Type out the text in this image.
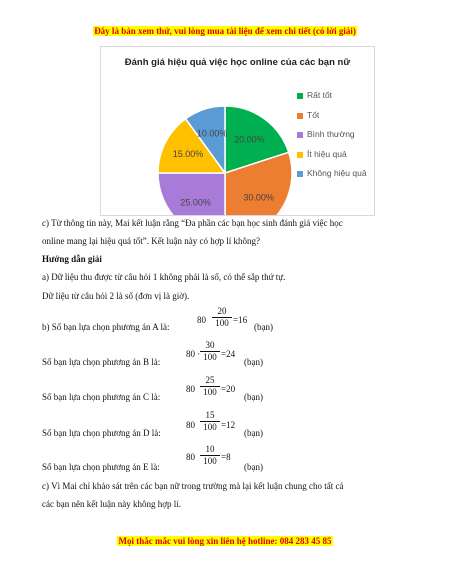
Đây là bản xem thử, vui lòng mua tài liệu để xem chi tiết (có lời giải)
Đánh giá hiệu quả việc học online của các bạn nữ
20.00%
30.00%
25.00%
15.00%
10.00%
Rất tốt
Tốt
Bình thường
Ít hiệu quả
Không hiệu quả
c) Từ thông tin này, Mai kết luận rằng “Đa phần các bạn học sinh đánh giá việc học
online mang lại hiệu quả tốt”. Kết luận này có hợp lí không?
Hướng dẫn giải
a) Dữ liệu thu được từ câu hỏi 1 không phải là số, có thể sắp thứ tự.
Dữ liệu từ câu hỏi 2 là số (đơn vị là giờ).
b) Số bạn lựa chọn phương án A là:
$80 \frac{20}{100} =16$
(bạn)
Số bạn lựa chọn phương án B là:
$80 \cdot \frac{30}{100} =24$
(bạn)
Số bạn lựa chọn phương án C là:
$80 \frac{25}{100} =20$
(bạn)
Số bạn lựa chọn phương án D là:
$80 \frac{15}{100} =12$
(bạn)
Số bạn lựa chọn phương án E là:
$80 \frac{10}{100} =8$
(bạn)
c) Vì Mai chỉ khảo sát trên các bạn nữ trong trường mà lại kết luận chung cho tất cả
các bạn nên kết luận này không hợp lí.
Mọi thắc mắc vui lòng xin liên hệ hotline: 084 283 45 85
